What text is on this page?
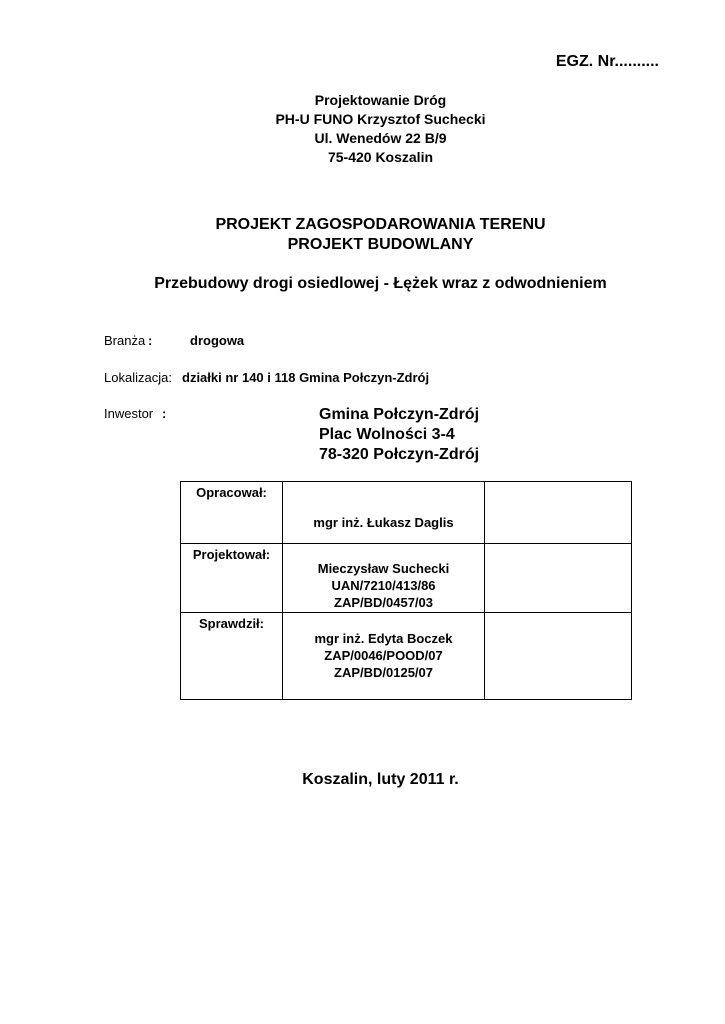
EGZ. Nr..........
Projektowanie Dróg
PH-U FUNO Krzysztof Suchecki
Ul. Wenedów 22 B/9
75-420 Koszalin
PROJEKT ZAGOSPODAROWANIA TERENU
PROJEKT BUDOWLANY
Przebudowy drogi osiedlowej - Łężek wraz z odwodnieniem
Branża :	drogowa
Lokalizacja: działki nr 140 i 118 Gmina Połczyn-Zdrój
Inwestor :	Gmina Połczyn-Zdrój
Plac Wolności 3-4
78-320 Połczyn-Zdrój
Opracował:

mgr inż. Łukasz Daglis

Projektował:
Mieczysław Suchecki
UAN/7210/413/86
ZAP/BD/0457/03
Sprawdził:
mgr inż. Edyta Boczek
ZAP/0046/POOD/07
ZAP/BD/0125/07
Koszalin, luty 2011 r.
